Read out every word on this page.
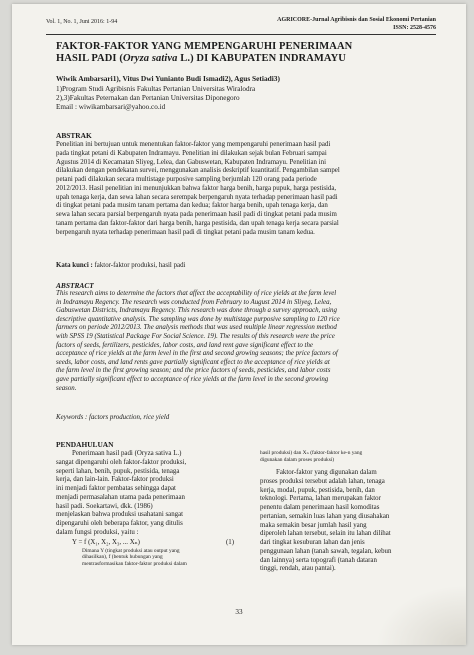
Vol. 1, No. 1, Juni 2016: 1-94	AGRICORE-Jurnal Agribisnis dan Sosial Ekonomi Pertanian
ISSN: 2528-4576
FAKTOR-FAKTOR YANG MEMPENGARUHI PENERIMAAN
HASIL PADI (Oryza sativa L.) DI KABUPATEN INDRAMAYU
Wiwik Ambarsari1), Vitus Dwi Yunianto Budi Ismadi2), Agus Setiadi3)
1)Program Studi Agribisnis Fakultas Pertanian Universitas Wiralodra
2),3)Fakultas Peternakan dan Pertanian Universitas Diponegoro
Email : wiwikambarsari@yahoo.co.id
ABSTRAK
Penelitian ini bertujuan untuk menentukan faktor-faktor yang mempengaruhi penerimaan hasil padi
pada tingkat petani di Kabupaten Indramayu. Penelitian ini dilakukan sejak bulan Februari sampai
Agustus 2014 di Kecamatan Sliyeg, Lelea, dan Gabuswetan, Kabupaten Indramayu. Penelitian ini
dilakukan dengan pendekatan survei, menggunakan analisis deskriptif kuantitatif. Pengambilan sampel
petani padi dilakukan secara multistage purposive sampling berjumlah 120 orang pada periode
2012/2013. Hasil penelitian ini menunjukkan bahwa faktor harga benih, harga pupuk, harga pestisida,
upah tenaga kerja, dan sewa lahan secara serempak berpengaruh nyata terhadap penerimaan hasil padi
di tingkat petani pada musim tanam pertama dan kedua; faktor harga benih, upah tenaga kerja, dan
sewa lahan secara parsial berpengaruh nyata pada penerimaan hasil padi di tingkat petani pada musim
tanam pertama dan faktor-faktor dari harga benih, harga pestisida, dan upah tenaga kerja secara parsial
berpengaruh nyata terhadap penerimaan hasil padi di tingkat petani pada musim tanam kedua.
Kata kunci : faktor-faktor produksi, hasil padi
ABSTRACT
This research aims to determine the factors that affect the acceptability of rice yields at the farm level
in Indramayu Regency. The research was conducted from February to August 2014 in Sliyeg, Lelea,
Gabuswetan Districts, Indramayu Regency. This research was done through a survey approach, using
descriptive quantitative analysis. The sampling was done by multistage purposive sampling to 120 rice
farmers on periode 2012/2013. The analysis methods that was used multiple linear regression method
with SPSS 19 (Statistical Package For Social Science. 19). The results of this research were the price
factors of seeds, fertilizers, pesticides, labor costs, and land rent gave significant effect to the
acceptance of rice yields at the farm level in the first and second growing seasons; the price factors of
seeds, labor costs, and land rents gave partially significant effect to the acceptance of rice yields at
the farm level in the first growing season; and the price factors of seeds, pesticides, and labor costs
gave partially significant effect to acceptance of rice yields at the farm level in the second growing
season.
Keywords : factors production, rice yield
PENDAHULUAN
Penerimaan hasil padi (Oryza sativa L.)
sangat dipengaruhi oleh faktor-faktor produksi,
seperti lahan, benih, pupuk, pestisida, tenaga
kerja, dan lain-lain. Faktor-faktor produksi
ini menjadi faktor pembatas sehingga dapat
menjadi permasalahan utama pada penerimaan
hasil padi. Soekartawi, dkk. (1986)
menjelaskan bahwa produksi usahatani sangat
dipengaruhi oleh beberapa faktor, yang ditulis
dalam fungsi produksi, yaitu :
Y = f (X₁, X₂, X₃, ... Xₙ)	(1)
Dimana Y (tingkat produksi atau output yang
dihasilkan), f (bentuk hubungan yang
mentrasformasikan faktor-faktor produksi dalam
hasil produksi) dan Xₙ (faktor-faktor ke-n yang
digunakan dalam proses produksi)
Faktor-faktor yang digunakan dalam
proses produksi tersebut adalah lahan, tenaga
kerja, modal, pupuk, pestisida, benih, dan
teknologi. Pertama, lahan merupakan faktor
penentu dalam penerimaan hasil komoditas
pertanian, semakin luas lahan yang diusahakan
maka semakin besar jumlah hasil yang
diperoleh lahan tersebut, selain itu lahan dilihat
dari tingkat kesuburan lahan dan jenis
penggunaan lahan (tanah sawah, tegalan, kebun
dan lainnya) serta topografi (tanah dataran
tinggi, rendah, atau pantai).
33
